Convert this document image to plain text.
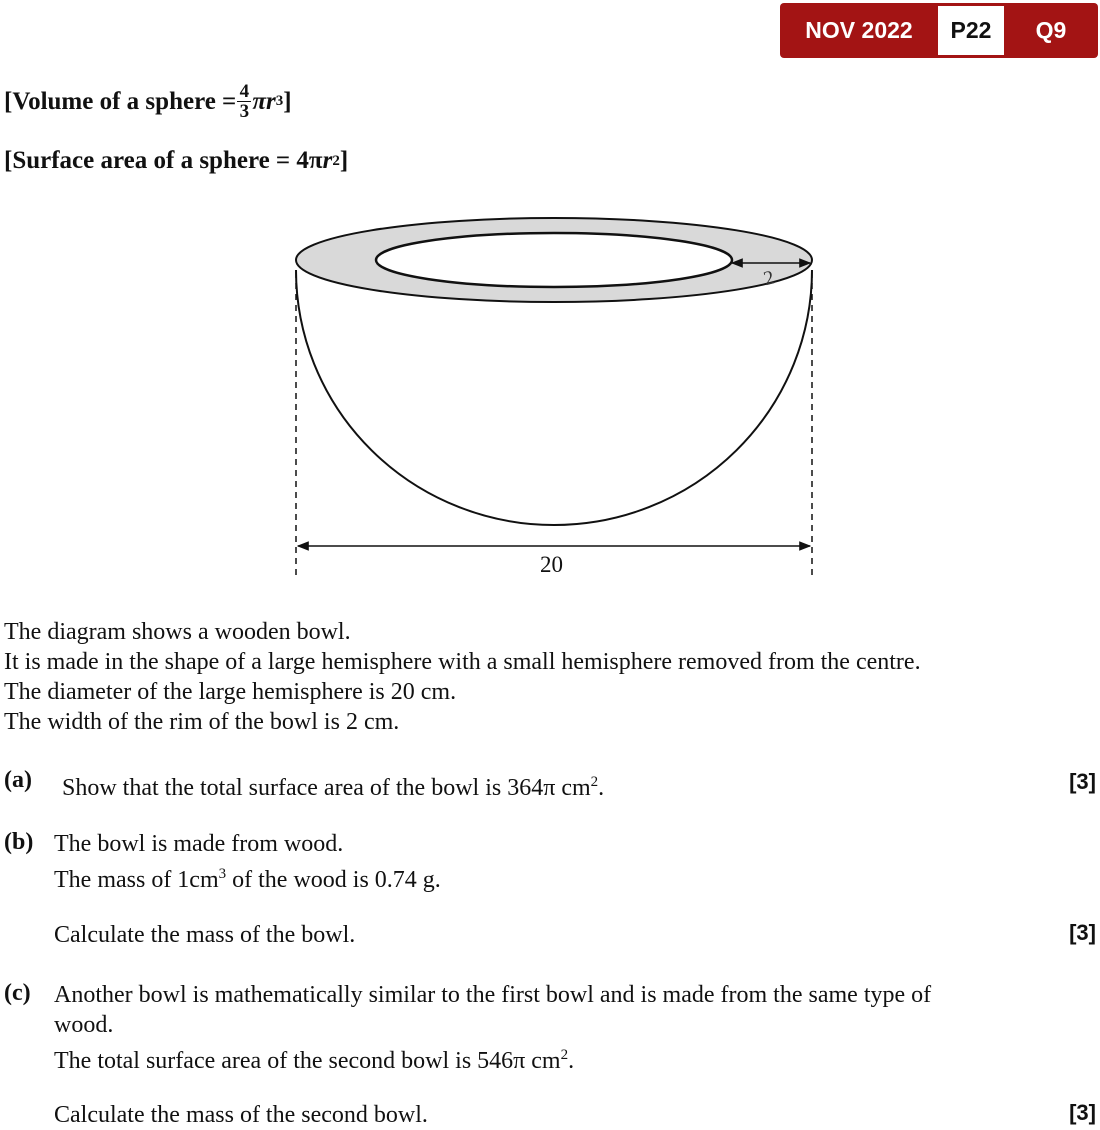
NOV 2022	P22	Q9
[Volume of a sphere = $\frac{4}{3}$ πr 3 ]
[Surface area of a sphere = 4π r 2 ]
2
20
The diagram shows a wooden bowl.
It is made in the shape of a large hemisphere with a small hemisphere removed from the centre.
The diameter of the large hemisphere is 20 cm.
The width of the rim of the bowl is 2 cm.
(a) Show that the total surface area of the bowl is 364π $cm^2$.	[3]
(b) The bowl is made from wood.
The mass of $1cm^3$ of the wood is 0.74 g.
Calculate the mass of the bowl.	[3]
(c) Another bowl is mathematically similar to the first bowl and is made from the same type of
wood.
The total surface area of the second bowl is 546π $cm^2$.
Calculate the mass of the second bowl.	[3]
